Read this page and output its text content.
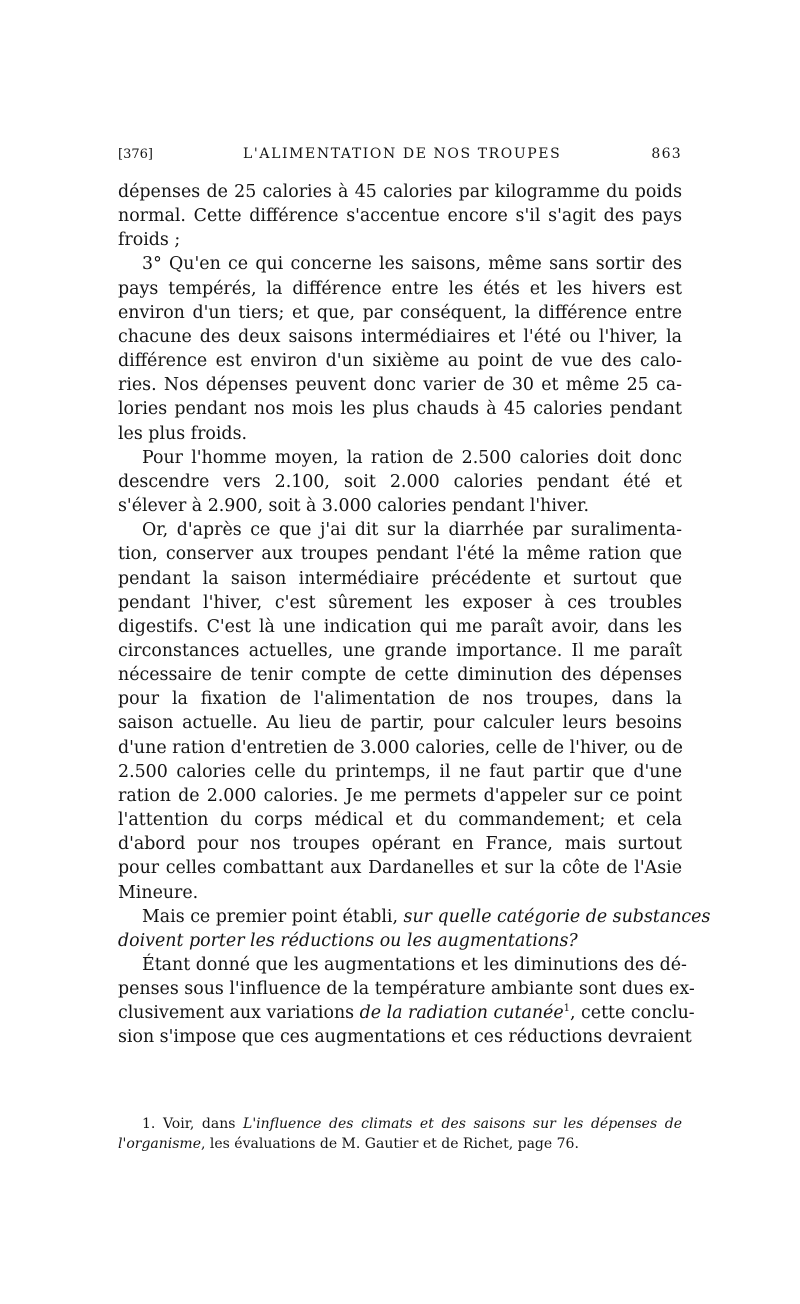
[376]	L'ALIMENTATION DE NOS TROUPES	863
dépenses de 25 calories à 45 calories par kilogramme du poids
normal. Cette différence s'accentue encore s'il s'agit des pays
froids ;
3° Qu'en ce qui concerne les saisons, même sans sortir des
pays tempérés, la différence entre les étés et les hivers est
environ d'un tiers; et que, par conséquent, la différence entre
chacune des deux saisons intermédiaires et l'été ou l'hiver, la
différence est environ d'un sixième au point de vue des calo-
ries. Nos dépenses peuvent donc varier de 30 et même 25 ca-
lories pendant nos mois les plus chauds à 45 calories pendant
les plus froids.
Pour l'homme moyen, la ration de 2.500 calories doit donc
descendre vers 2.100, soit 2.000 calories pendant été et
s'élever à 2.900, soit à 3.000 calories pendant l'hiver.
Or, d'après ce que j'ai dit sur la diarrhée par suralimenta-
tion, conserver aux troupes pendant l'été la même ration que
pendant la saison intermédiaire précédente et surtout que
pendant l'hiver, c'est sûrement les exposer à ces troubles
digestifs. C'est là une indication qui me paraît avoir, dans les
circonstances actuelles, une grande importance. Il me paraît
nécessaire de tenir compte de cette diminution des dépenses
pour la fixation de l'alimentation de nos troupes, dans la
saison actuelle. Au lieu de partir, pour calculer leurs besoins
d'une ration d'entretien de 3.000 calories, celle de l'hiver, ou de
2.500 calories celle du printemps, il ne faut partir que d'une
ration de 2.000 calories. Je me permets d'appeler sur ce point
l'attention du corps médical et du commandement; et cela
d'abord pour nos troupes opérant en France, mais surtout
pour celles combattant aux Dardanelles et sur la côte de l'Asie
Mineure.
Mais ce premier point établi, sur quelle catégorie de substances
doivent porter les réductions ou les augmentations?
Étant donné que les augmentations et les diminutions des dé-
penses sous l'influence de la température ambiante sont dues ex-
clusivement aux variations de la radiation cutanée$^1$, cette conclu-
sion s'impose que ces augmentations et ces réductions devraient
1. Voir, dans L'influence des climats et des saisons sur les dépenses de
l'organisme, les évaluations de M. Gautier et de Richet, page 76.
